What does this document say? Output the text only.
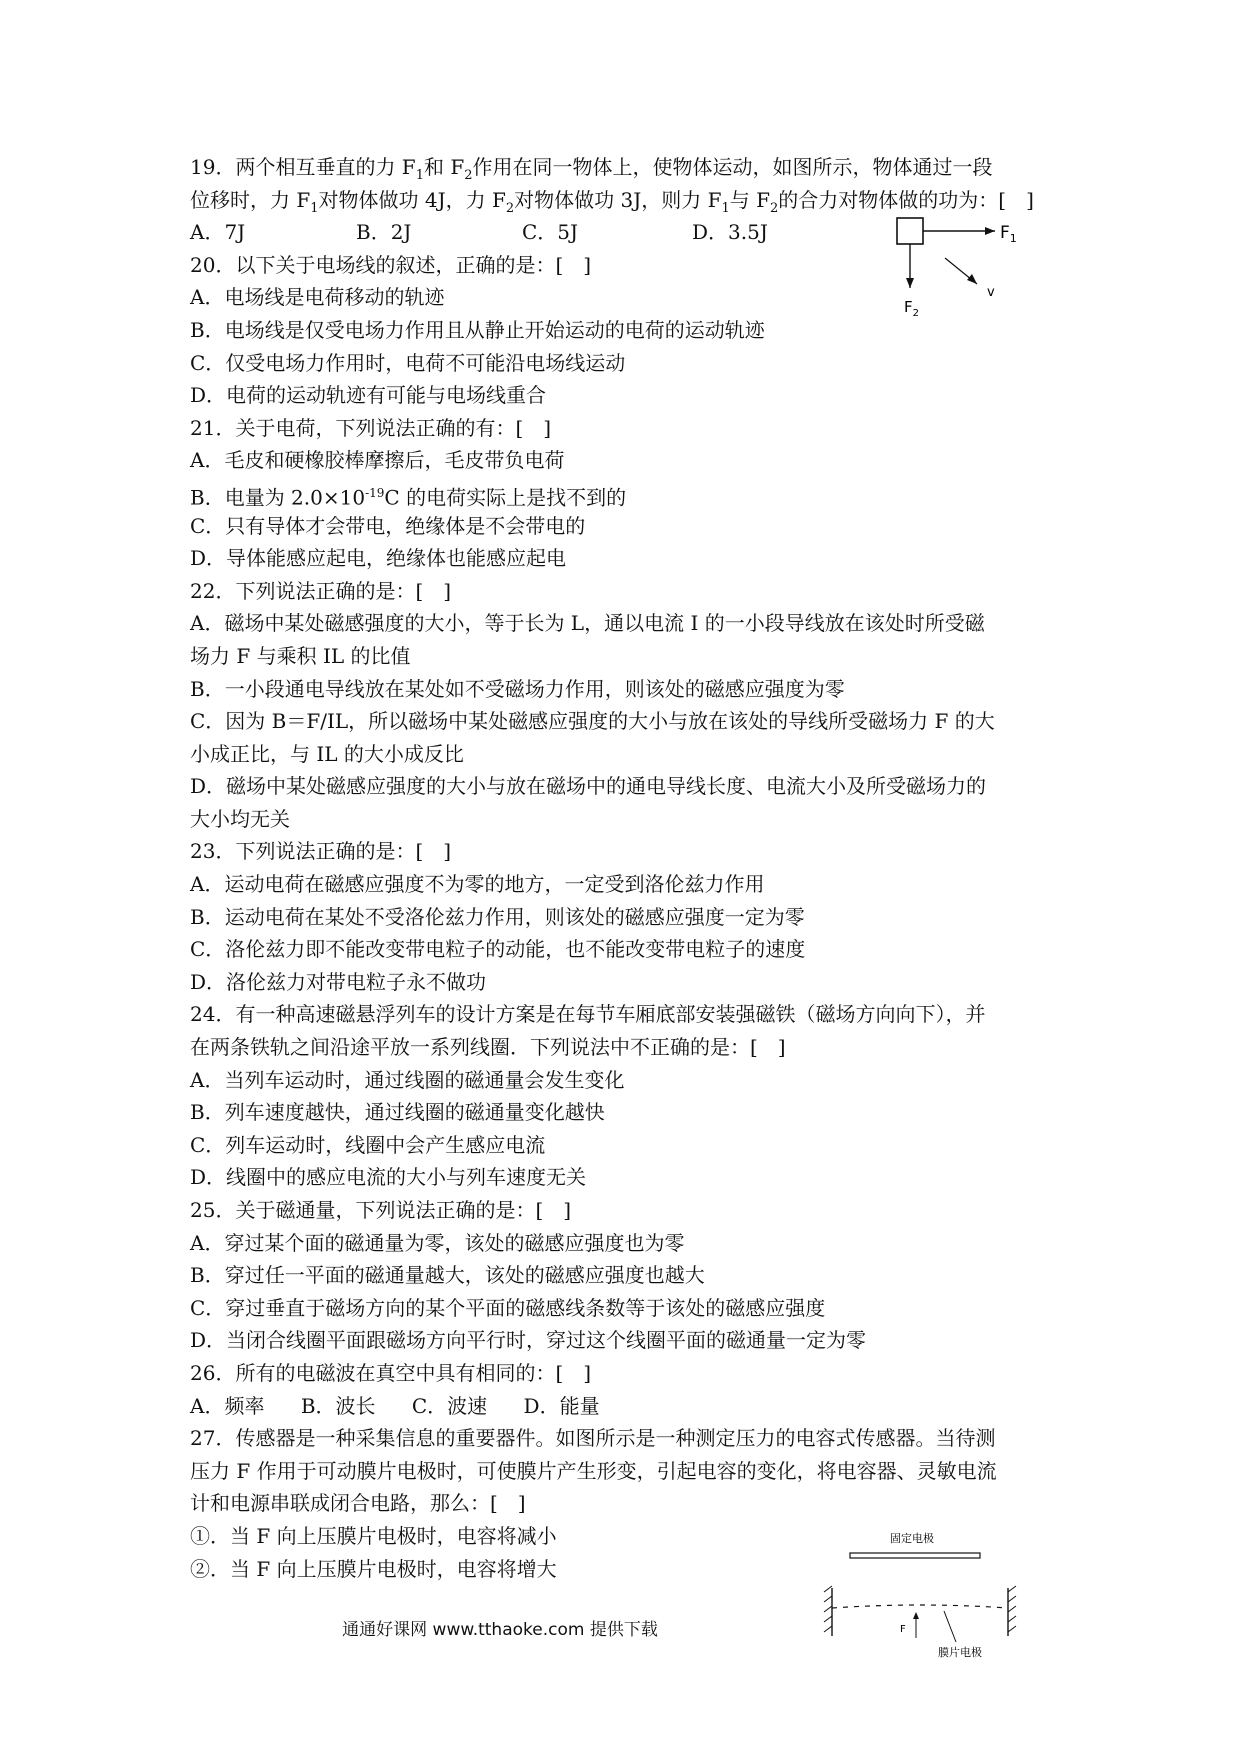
19．两个相互垂直的力 $F_1$和 $F_2$作用在同一物体上，使物体运动，如图所示，物体通过一段
位移时，力 $F_1$对物体做功 4J，力 $F_2$对物体做功 3J，则力 $F_1$与 $F_2$的合力对物体做的功为：[　]
A．7J	B．2J	C．5J	D．3.5J
20．以下关于电场线的叙述，正确的是：[　]
A．电场线是电荷移动的轨迹
B．电场线是仅受电场力作用且从静止开始运动的电荷的运动轨迹
C．仅受电场力作用时，电荷不可能沿电场线运动
D．电荷的运动轨迹有可能与电场线重合
21．关于电荷，下列说法正确的有：[　]
A．毛皮和硬橡胶棒摩擦后，毛皮带负电荷
B．电量为 $2.0\times 10^{-19}C$ 的电荷实际上是找不到的
C．只有导体才会带电，绝缘体是不会带电的
D．导体能感应起电，绝缘体也能感应起电
22．下列说法正确的是：[　]
A．磁场中某处磁感强度的大小，等于长为 L，通以电流 I 的一小段导线放在该处时所受磁
场力 F 与乘积 IL 的比值
B．一小段通电导线放在某处如不受磁场力作用，则该处的磁感应强度为零
C．因为 B＝F/IL，所以磁场中某处磁感应强度的大小与放在该处的导线所受磁场力 F 的大
小成正比，与 IL 的大小成反比
D．磁场中某处磁感应强度的大小与放在磁场中的通电导线长度、电流大小及所受磁场力的
大小均无关
23．下列说法正确的是：[　]
A．运动电荷在磁感应强度不为零的地方，一定受到洛伦兹力作用
B．运动电荷在某处不受洛伦兹力作用，则该处的磁感应强度一定为零
C．洛伦兹力即不能改变带电粒子的动能，也不能改变带电粒子的速度
D．洛伦兹力对带电粒子永不做功
24．有一种高速磁悬浮列车的设计方案是在每节车厢底部安装强磁铁（磁场方向向下），并
在两条铁轨之间沿途平放一系列线圈．下列说法中不正确的是：[　]
A．当列车运动时，通过线圈的磁通量会发生变化
B．列车速度越快，通过线圈的磁通量变化越快
C．列车运动时，线圈中会产生感应电流
D．线圈中的感应电流的大小与列车速度无关
25．关于磁通量，下列说法正确的是：[　]
A．穿过某个面的磁通量为零，该处的磁感应强度也为零
B．穿过任一平面的磁通量越大，该处的磁感应强度也越大
C．穿过垂直于磁场方向的某个平面的磁感线条数等于该处的磁感应强度
D．当闭合线圈平面跟磁场方向平行时，穿过这个线圈平面的磁通量一定为零
26．所有的电磁波在真空中具有相同的：[　]
A．频率 B．波长 C．波速 D．能量
27．传感器是一种采集信息的重要器件。如图所示是一种测定压力的电容式传感器。当待测
压力 F 作用于可动膜片电极时，可使膜片产生形变，引起电容的变化，将电容器、灵敏电流
计和电源串联成闭合电路，那么：[　]
①．当 F 向上压膜片电极时，电容将减小
②．当 F 向上压膜片电极时，电容将增大
$F_1$
$F_2$
v
固定电极
F
膜片电极
通通好课网 www.tthaoke.com 提供下载
